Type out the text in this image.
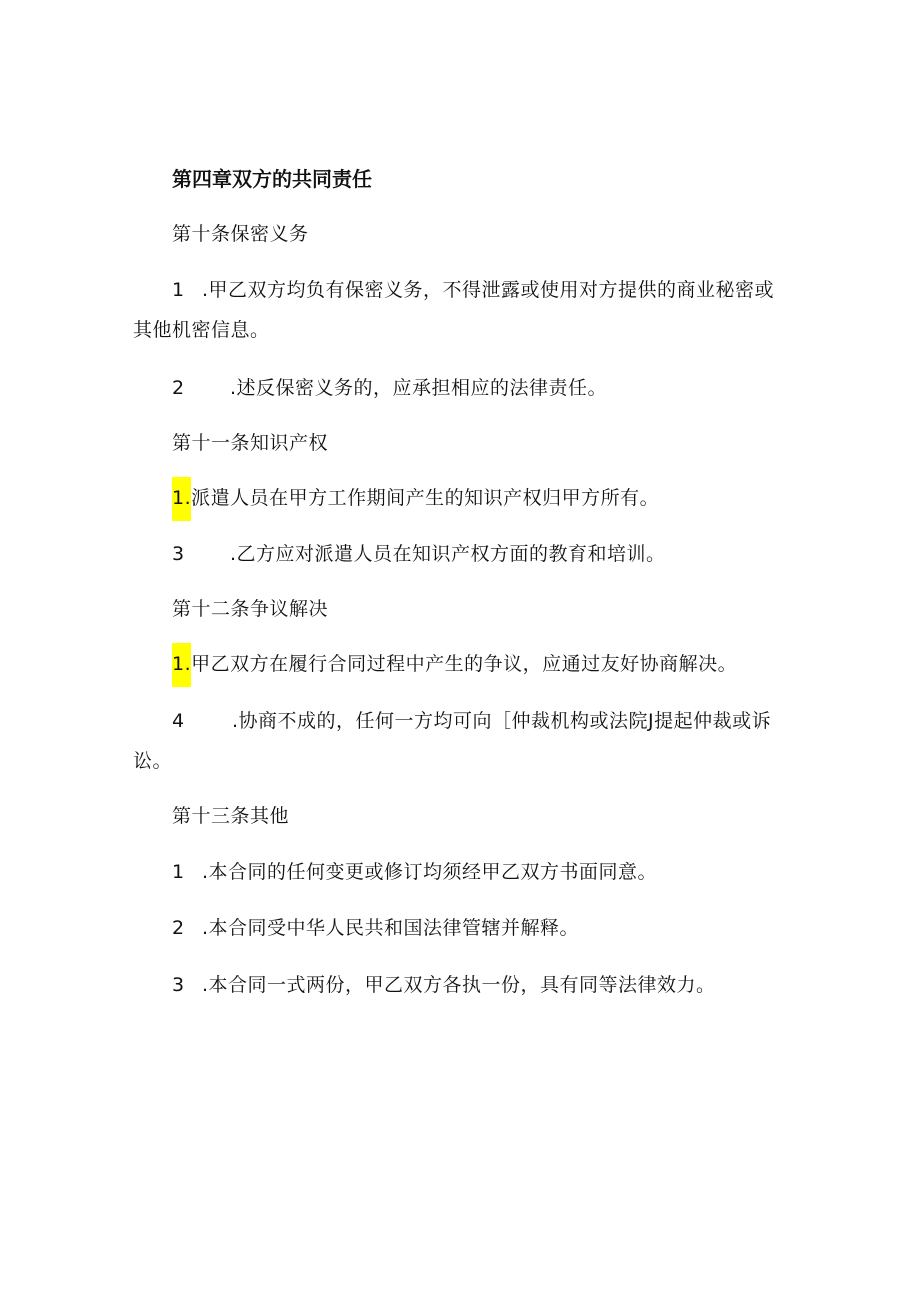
第四章双方的共同责任
第十条保密义务
1 .甲乙双方均负有保密义务，不得泄露或使用对方提供的商业秘密或
其他机密信息。
2 .述反保密义务的，应承担相应的法律责任。
第十一条知识产权
1.派遣人员在甲方工作期间产生的知识产权归甲方所有。
3 .乙方应对派遣人员在知识产权方面的教育和培训。
第十二条争议解决
1.甲乙双方在履行合同过程中产生的争议，应通过友好协商解决。
4 .协商不成的，任何一方均可向［仲裁机构或法院J提起仲裁或诉
讼。
第十三条其他
1 .本合同的任何变更或修订均须经甲乙双方书面同意。
2 .本合同受中华人民共和国法律管辖并解释。
3 .本合同一式两份，甲乙双方各执一份，具有同等法律效力。
